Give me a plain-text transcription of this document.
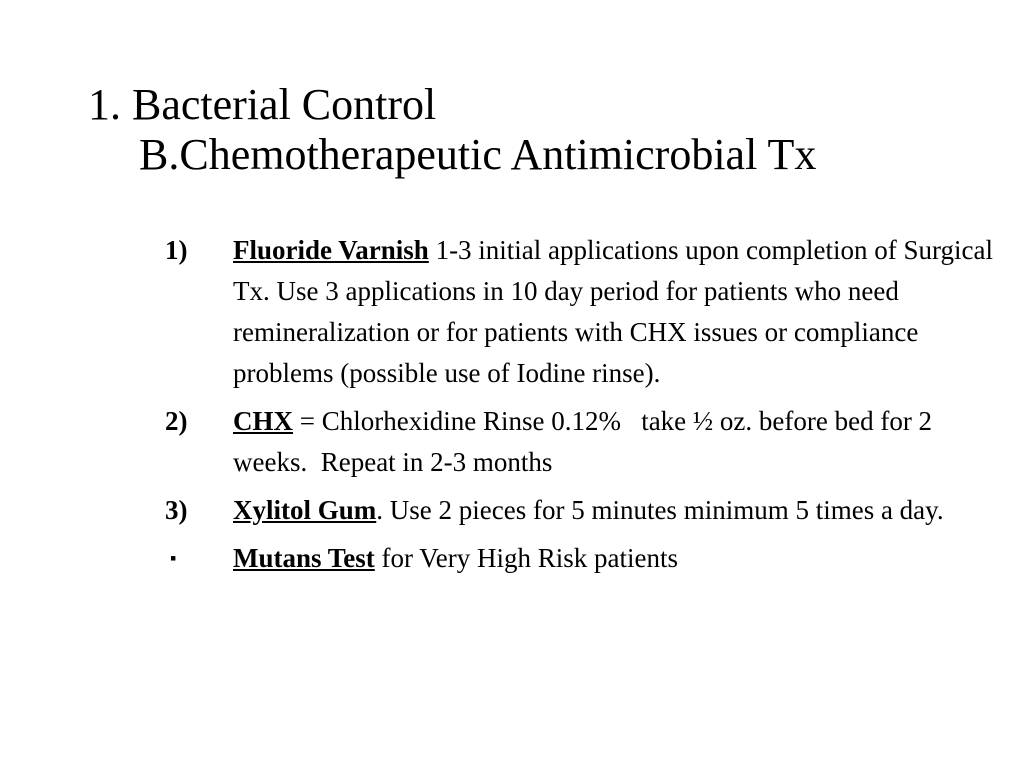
1. Bacterial Control
B.Chemotherapeutic Antimicrobial Tx
1) Fluoride Varnish 1-3 initial applications upon completion of Surgical Tx. Use 3 applications in 10 day period for patients who need remineralization or for patients with CHX issues or compliance problems (possible use of Iodine rinse).
2) CHX = Chlorhexidine Rinse 0.12%   take ½ oz. before bed for 2 weeks.  Repeat in 2-3 months
3) Xylitol Gum. Use 2 pieces for 5 minutes minimum 5 times a day.
▪ Mutans Test for Very High Risk patients
